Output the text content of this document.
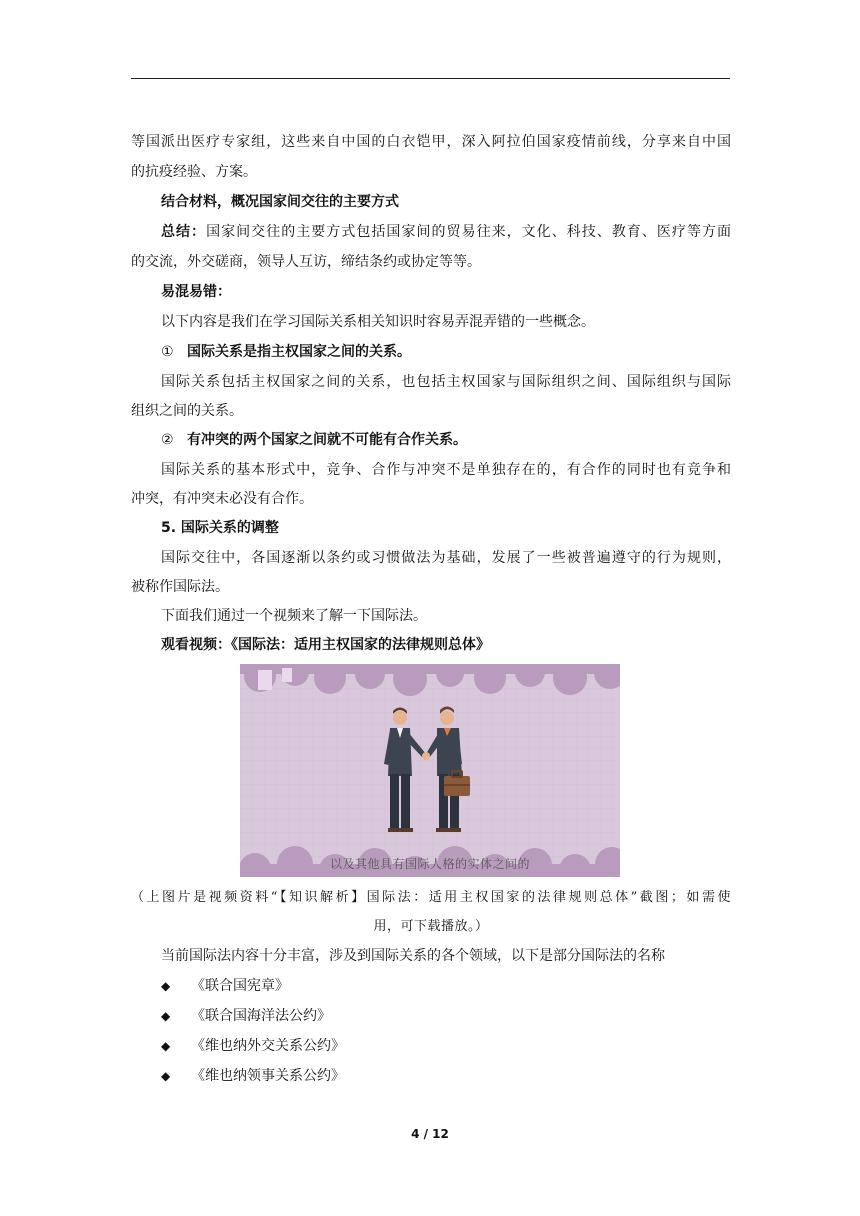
等国派出医疗专家组，这些来自中国的白衣铠甲，深入阿拉伯国家疫情前线，分享来自中国
的抗疫经验、方案。
结合材料，概况国家间交往的主要方式
总结：国家间交往的主要方式包括国家间的贸易往来，文化、科技、教育、医疗等方面
的交流，外交磋商，领导人互访，缔结条约或协定等等。
易混易错：
以下内容是我们在学习国际关系相关知识时容易弄混弄错的一些概念。
① 国际关系是指主权国家之间的关系。
国际关系包括主权国家之间的关系，也包括主权国家与国际组织之间、国际组织与国际
组织之间的关系。
② 有冲突的两个国家之间就不可能有合作关系。
国际关系的基本形式中，竞争、合作与冲突不是单独存在的，有合作的同时也有竞争和
冲突，有冲突未必没有合作。
5. 国际关系的调整
国际交往中，各国逐渐以条约或习惯做法为基础，发展了一些被普遍遵守的行为规则，
被称作国际法。
下面我们通过一个视频来了解一下国际法。
观看视频：《国际法：适用主权国家的法律规则总体》
以及其他具有国际人格的实体之间的
（上图片是视频资料“【知识解析】国际法：适用主权国家的法律规则总体”截图；如需使
用，可下载播放。）
当前国际法内容十分丰富，涉及到国际关系的各个领域，以下是部分国际法的名称
◆ 《联合国宪章》
◆ 《联合国海洋法公约》
◆ 《维也纳外交关系公约》
◆ 《维也纳领事关系公约》
4 / 12
